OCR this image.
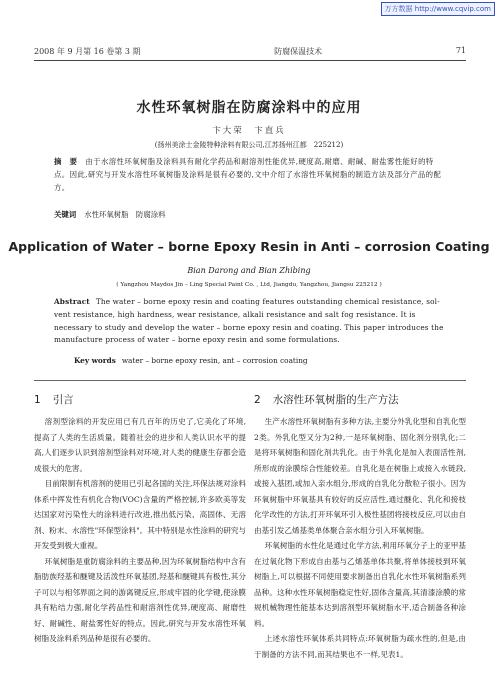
万方数据 http://www.cqvip.com
2008 年 9 月第 16 卷第 3 期	防腐保温技术	71
水性环氧树脂在防腐涂料中的应用
卞大荣　卞直兵
(扬州美涂士金陵特种涂料有限公司,江苏扬州江都　225212)
摘　要 由于水溶性环氧树脂及涂料具有耐化学药品和耐溶剂性能优异,硬度高,耐磨、耐碱、耐盐雾性能好的特点。因此,研究与开发水溶性环氧树脂及涂料是很有必要的,文中介绍了水溶性环氧树脂的制造方法及部分产品的配方。
关键词 水性环氧树脂　防腐涂料
Application of Water – borne Epoxy Resin in Anti – corrosion Coating
Bian Darong and Bian Zhibing
( Yangzhou Maydos Jin – Ling Special Paint Co. , Ltd, Jiangdu, Yangzhou, Jiangsu 225212 )
Abstract The water – borne epoxy resin and coating features outstanding chemical resistance, sol-vent resistance, high hardness, wear resistance, alkali resistance and salt fog resistance. It is necessary to study and develop the water – borne epoxy resin and coating. This paper introduces the manufacture process of water – borne epoxy resin and some formulations.
Key words water – borne epoxy resin, ant – corrosion coating
1 引言

溶剂型涂料的开发应用已有几百年的历史了,它美化了环境,提高了人类的生活质量。随着社会的进步和人类认识水平的提高,人们逐步认识到溶剂型涂料对环境,对人类的健康生存都会造成很大的危害。

目前限制有机溶剂的使用已引起各国的关注,环保法规对涂料体系中挥发性有机化合物(VOC)含量的严格控制,许多欧美等发达国家对污染性大的涂料进行改进,推出低污染、高固体、无溶剂、粉末、水溶性"环保型涂料"。其中特别是水性涂料的研究与开发受到极大重视。

环氧树脂是重防腐涂料的主要品种,因为环氧树脂结构中含有脂肪族羟基和醚键及活泼性环氧基团,羟基和醚键具有极性,其分子可以与相邻界面之间的游离键反应,形成牢固的化学键,使涂膜具有粘结力强,耐化学药品性和耐溶剂性优异,硬度高、耐磨性好、耐碱性、耐盐雾性好的特点。因此,研究与开发水溶性环氧树脂及涂料系列品种是很有必要的。

2 水溶性环氧树脂的生产方法

生产水溶性环氧树脂有多种方法,主要分外乳化型和自乳化型2类。外乳化型又分为2种,一是环氧树脂、固化剂分别乳化;二是将环氧树脂和固化剂共乳化。由于外乳化是加入表面活性剂,所形成的涂膜综合性能较差。自乳化是在树脂上或接入水链段,或接入基团,或加入亲水组分,形成的自乳化分散粒子很小。因为环氧树脂中环氧基具有较好的反应活性,通过醚化、乳化和接枝化学改性的方法,打开环氧环引入极性基团将接枝反应,可以由自由基引发乙烯基类单体聚合亲水组分引入环氧树脂。

环氧树脂的水性化是通过化学方法,利用环氧分子上的亚甲基在过氧化物下形成自由基与乙烯基单体共聚,将单体接枝到环氧树脂上,可以根据不同使用要求制备出自乳化水性环氧树脂系列品种。这种水性环氧树脂稳定性好,固体含量高,其清漆涂膜的常规机械物理性能基本达到溶剂型环氧树脂水平,适合制备各种涂料。

上述水溶性环氧体系共同特点:环氧树脂为疏水性的,但是,由于制备的方法不同,而其结果也不一样,见表1。
